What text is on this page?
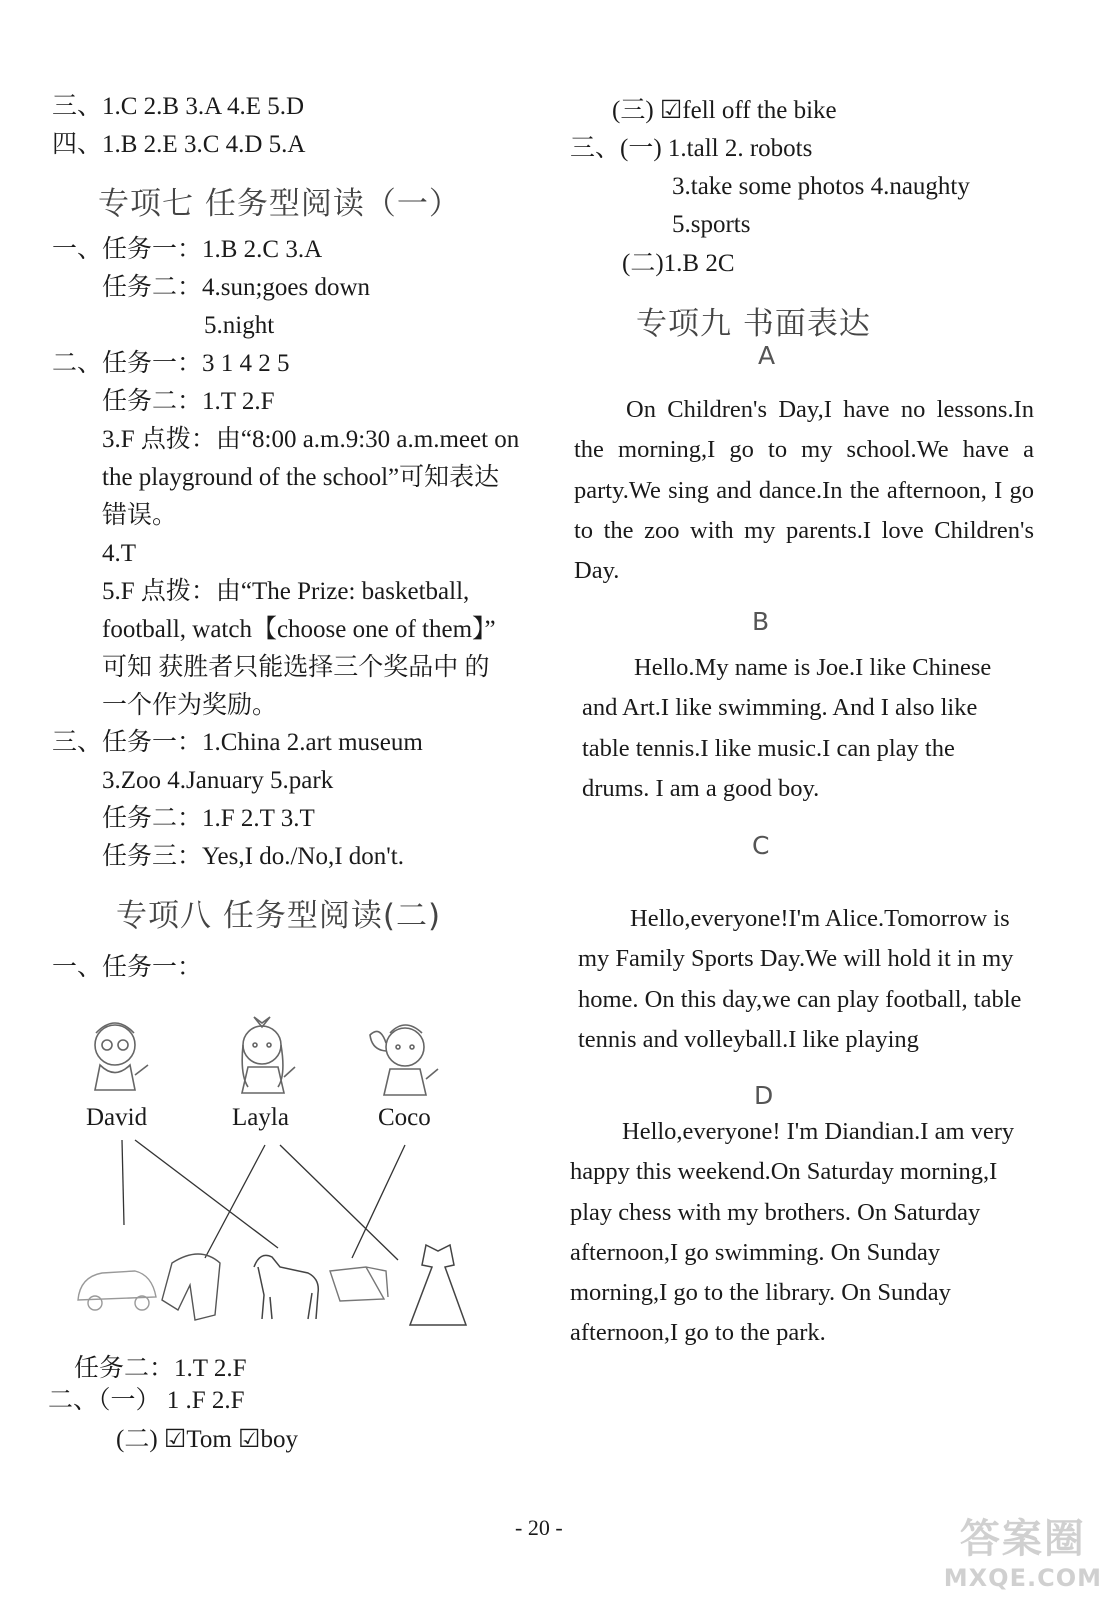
三、1.C 2.B 3.A 4.E 5.D
四、1.B 2.E 3.C 4.D 5.A
专项七 任务型阅读（一）
一、任务一：1.B 2.C 3.A
任务二：4.sun;goes down
5.night
二、任务一：3 1 4 2 5
任务二：1.T 2.F
3.F 点拨：由“8:00 a.m.9:30 a.m.meet on
the playground of the school”可知表达
错误。
4.T
5.F 点拨：由“The Prize: basketball,
football, watch【choose one of them】”
可知 获胜者只能选择三个奖品中 的
一个作为奖励。
三、任务一：1.China 2.art museum
3.Zoo 4.January 5.park
任务二：1.F 2.T 3.T
任务三：Yes,I do./No,I don't.
专项八 任务型阅读(二)
一、任务一：
David	Layla	Coco
任务二：1.T 2.F
二、（一） 1 .F 2.F
(二) ☑Tom ☑boy
(三) ☑fell off the bike
三、(一) 1.tall 2. robots
3.take some photos 4.naughty
5.sports
(二)1.B 2C
专项九 书面表达
A
On Children's Day,I have no lessons.In the morning,I go to my school.We have a party.We sing and dance.In the afternoon, I go to the zoo with my parents.I love Children's Day.
B
Hello.My name is Joe.I like Chinese and Art.I like swimming. And I also like table tennis.I like music.I can play the drums. I am a good boy.
C
Hello,everyone!I'm Alice.Tomorrow is my Family Sports Day.We will hold it in my home. On this day,we can play football, table tennis and volleyball.I like playing
D
Hello,everyone! I'm Diandian.I am very happy this weekend.On Saturday morning,I play chess with my brothers. On Saturday afternoon,I go swimming. On Sunday morning,I go to the library. On Sunday afternoon,I go to the park.
- 20 -	答案圈
MXQE.COM
